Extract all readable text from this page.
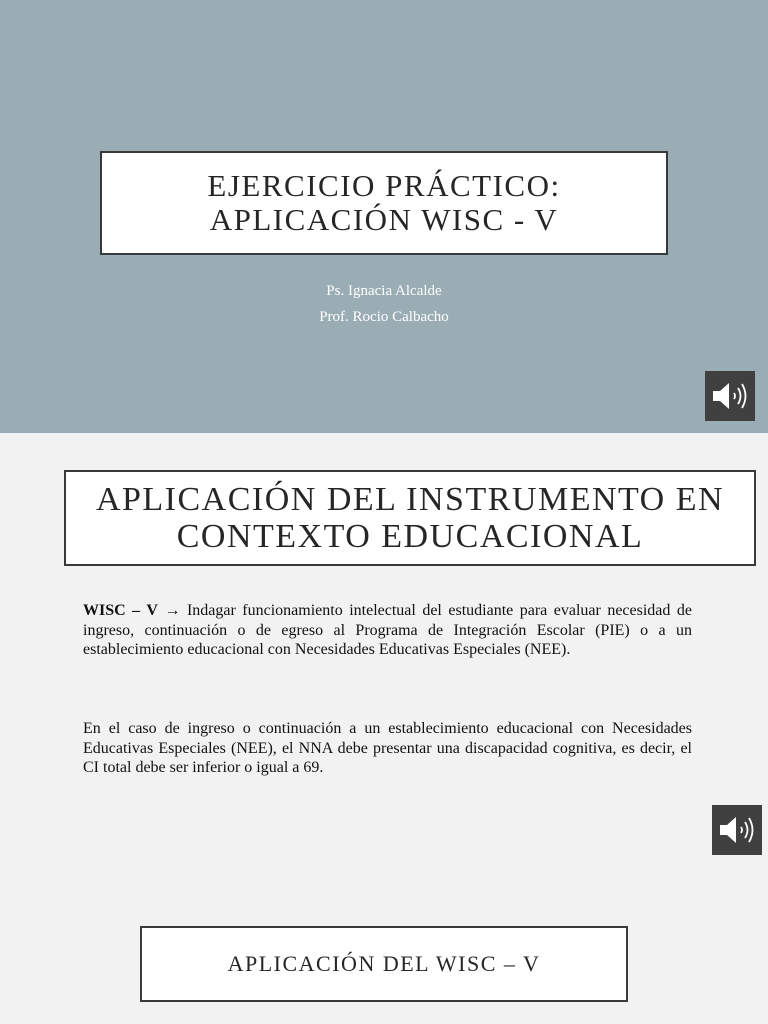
EJERCICIO PRÁCTICO:
APLICACIÓN WISC - V
Ps. Ignacia Alcalde
Prof. Rocio Calbacho
APLICACIÓN DEL INSTRUMENTO EN
CONTEXTO EDUCACIONAL

WISC – V → Indagar funcionamiento intelectual del estudiante para evaluar necesidad de ingreso, continuación o de egreso al Programa de Integración Escolar (PIE) o a un establecimiento educacional con Necesidades Educativas Especiales (NEE).

En el caso de ingreso o continuación a un establecimiento educacional con Necesidades Educativas Especiales (NEE), el NNA debe presentar una discapacidad cognitiva, es decir, el CI total debe ser inferior o igual a 69.

APLICACIÓN DEL WISC – V
